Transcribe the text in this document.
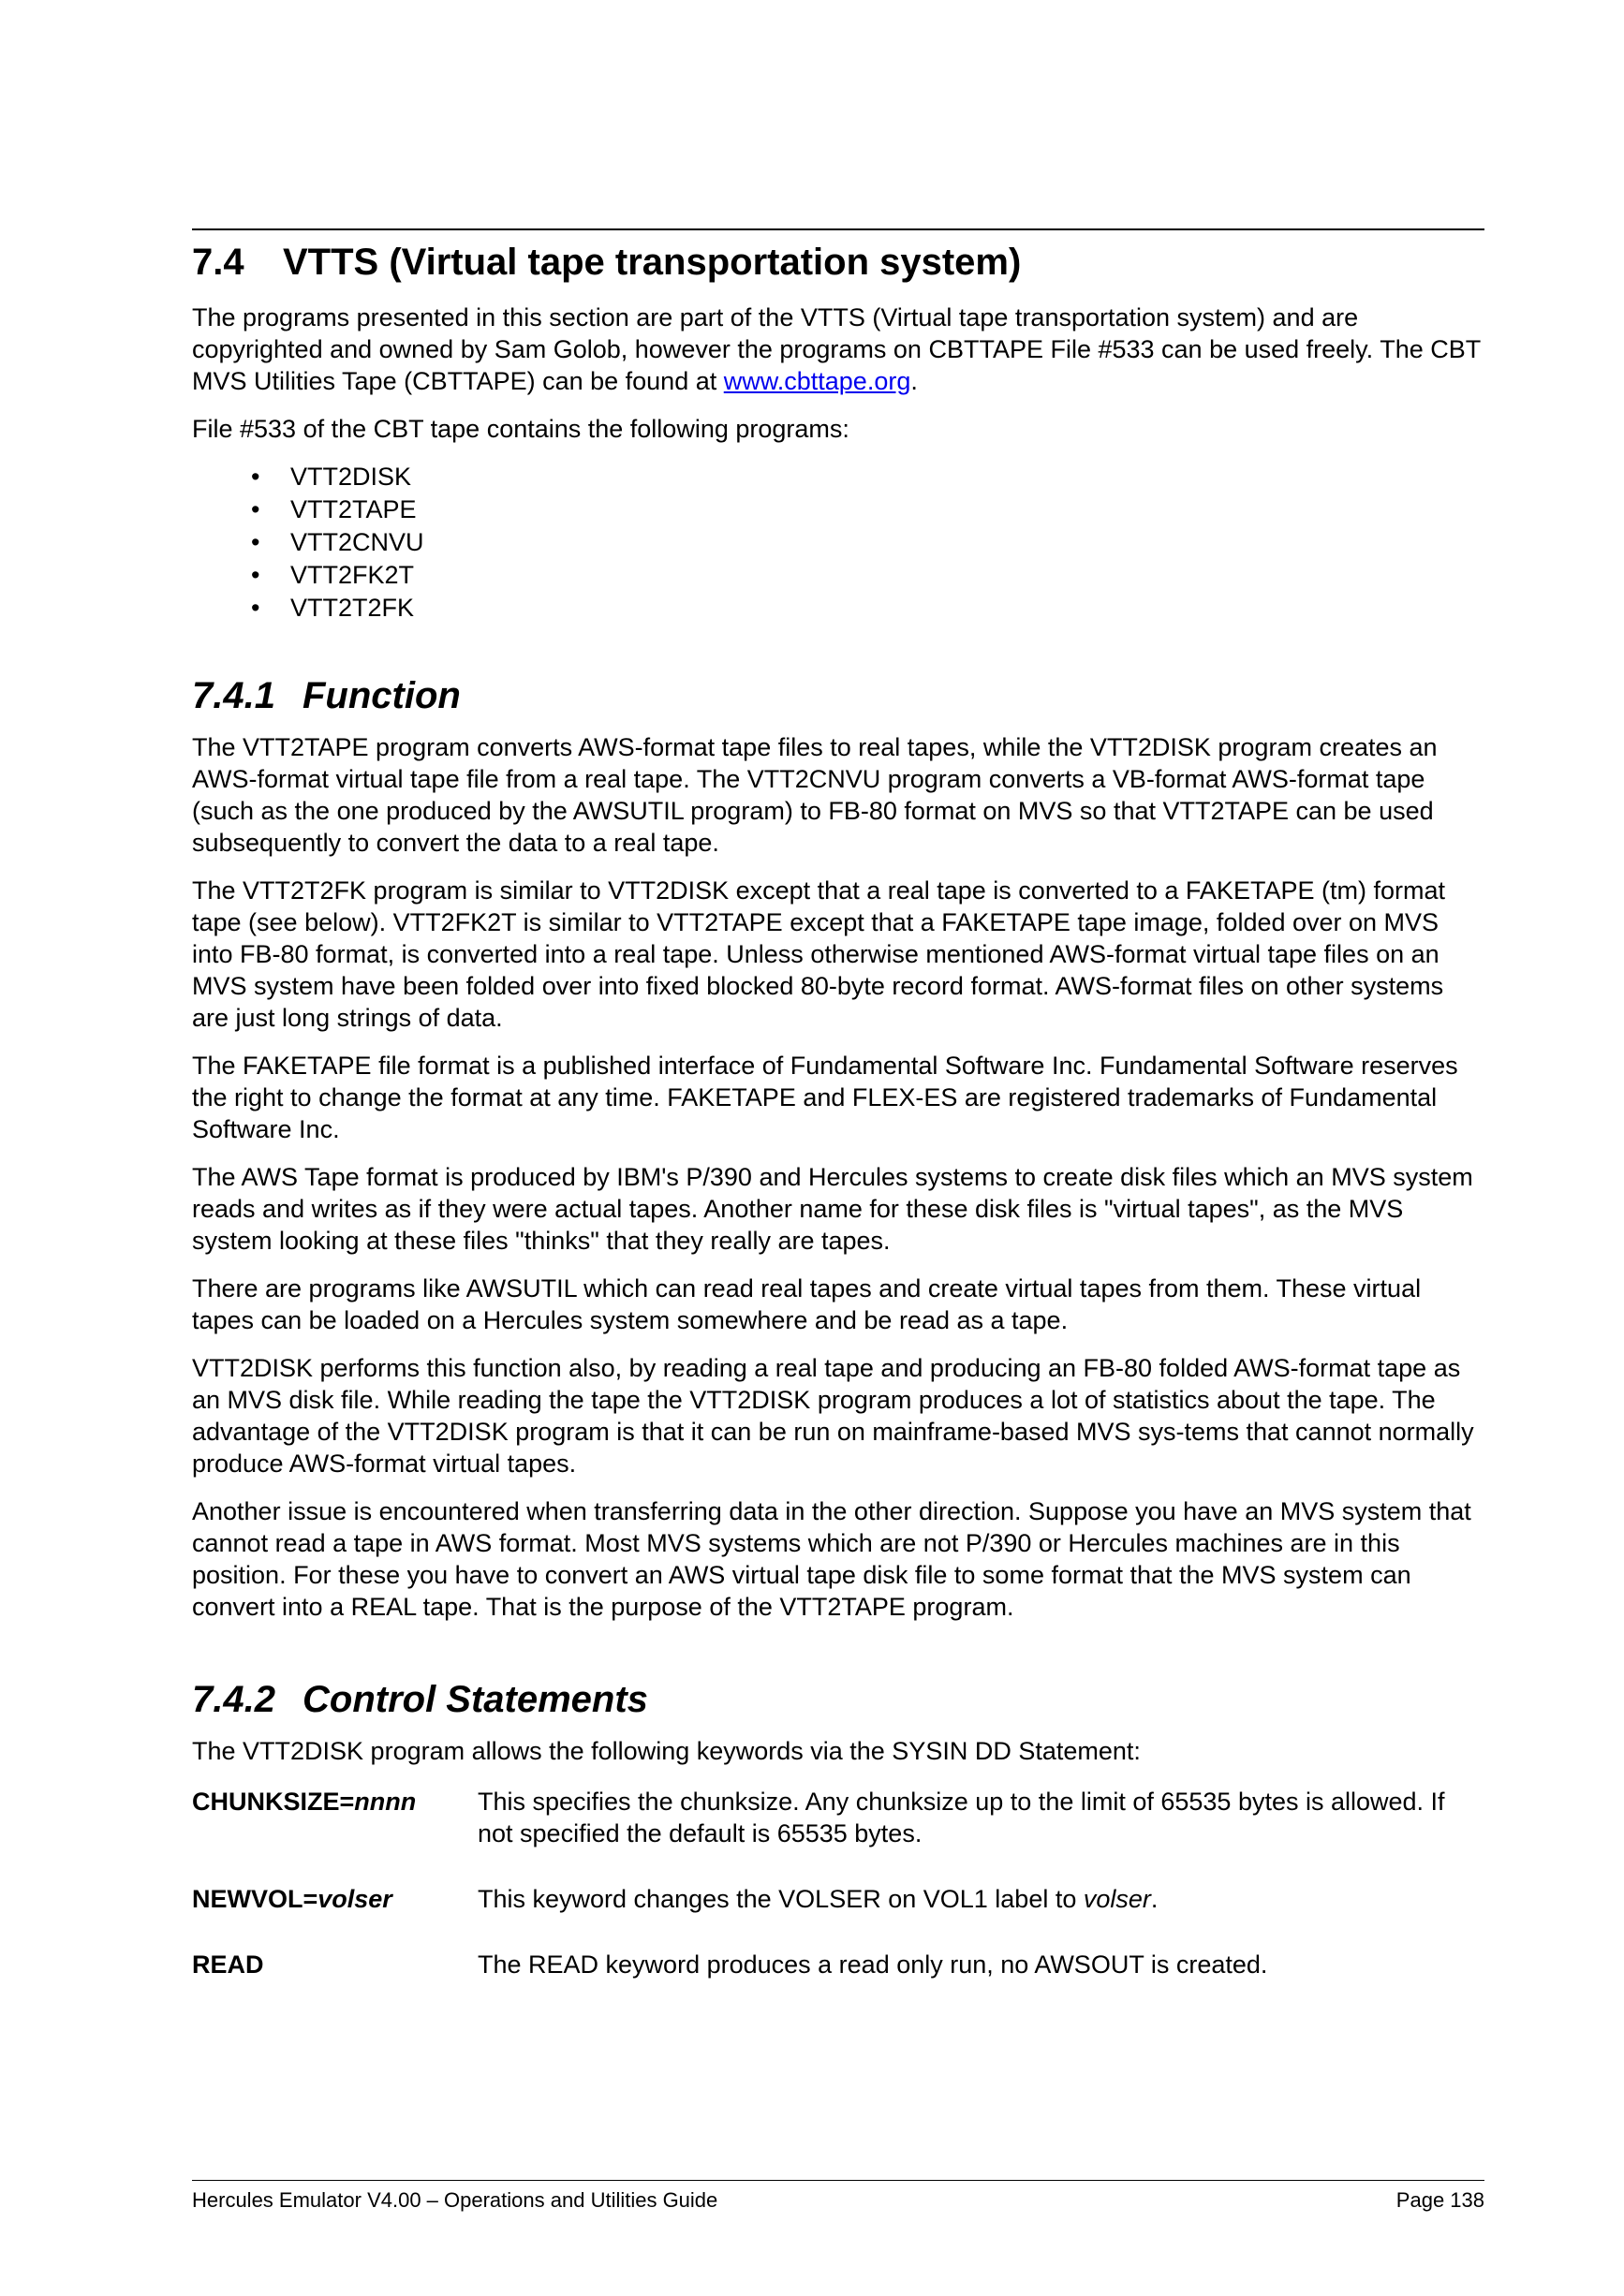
7.4 VTTS (Virtual tape transportation system)

The programs presented in this section are part of the VTTS (Virtual tape transportation system) and are copyrighted and owned by Sam Golob, however the programs on CBTTAPE File #533 can be used freely. The CBT MVS Utilities Tape (CBTTAPE) can be found at www.cbttape.org.

File #533 of the CBT tape contains the following programs:

• VTT2DISK
• VTT2TAPE
• VTT2CNVU
• VTT2FK2T
• VTT2T2FK
7.4.1 Function

The VTT2TAPE program converts AWS-format tape files to real tapes, while the VTT2DISK program creates an AWS-format virtual tape file from a real tape. The VTT2CNVU program converts a VB-format AWS-format tape (such as the one produced by the AWSUTIL program) to FB-80 format on MVS so that VTT2TAPE can be used subsequently to convert the data to a real tape.

The VTT2T2FK program is similar to VTT2DISK except that a real tape is converted to a FAKETAPE (tm) format tape (see below). VTT2FK2T is similar to VTT2TAPE except that a FAKETAPE tape image, folded over on MVS into FB-80 format, is converted into a real tape. Unless otherwise mentioned AWS-format virtual tape files on an MVS system have been folded over into fixed blocked 80-byte record format. AWS-format files on other systems are just long strings of data.

The FAKETAPE file format is a published interface of Fundamental Software Inc. Fundamental Software reserves the right to change the format at any time. FAKETAPE and FLEX-ES are registered trademarks of Fundamental Software Inc.

The AWS Tape format is produced by IBM's P/390 and Hercules systems to create disk files which an MVS system reads and writes as if they were actual tapes. Another name for these disk files is "virtual tapes", as the MVS system looking at these files "thinks" that they really are tapes.

There are programs like AWSUTIL which can read real tapes and create virtual tapes from them. These virtual tapes can be loaded on a Hercules system somewhere and be read as a tape.

VTT2DISK performs this function also, by reading a real tape and producing an FB-80 folded AWS-format tape as an MVS disk file. While reading the tape the VTT2DISK program produces a lot of statistics about the tape. The advantage of the VTT2DISK program is that it can be run on mainframe-based MVS sys-tems that cannot normally produce AWS-format virtual tapes.

Another issue is encountered when transferring data in the other direction. Suppose you have an MVS system that cannot read a tape in AWS format. Most MVS systems which are not P/390 or Hercules machines are in this position. For these you have to convert an AWS virtual tape disk file to some format that the MVS system can convert into a REAL tape. That is the purpose of the VTT2TAPE program.

7.4.2 Control Statements

The VTT2DISK program allows the following keywords via the SYSIN DD Statement:

CHUNKSIZE=nnnn	This specifies the chunksize. Any chunksize up to the limit of 65535 bytes is allowed. If not specified the default is 65535 bytes.
NEWVOL=volser	This keyword changes the VOLSER on VOL1 label to volser.
READ	The READ keyword produces a read only run, no AWSOUT is created.
Hercules Emulator V4.00 – Operations and Utilities Guide	Page 138
